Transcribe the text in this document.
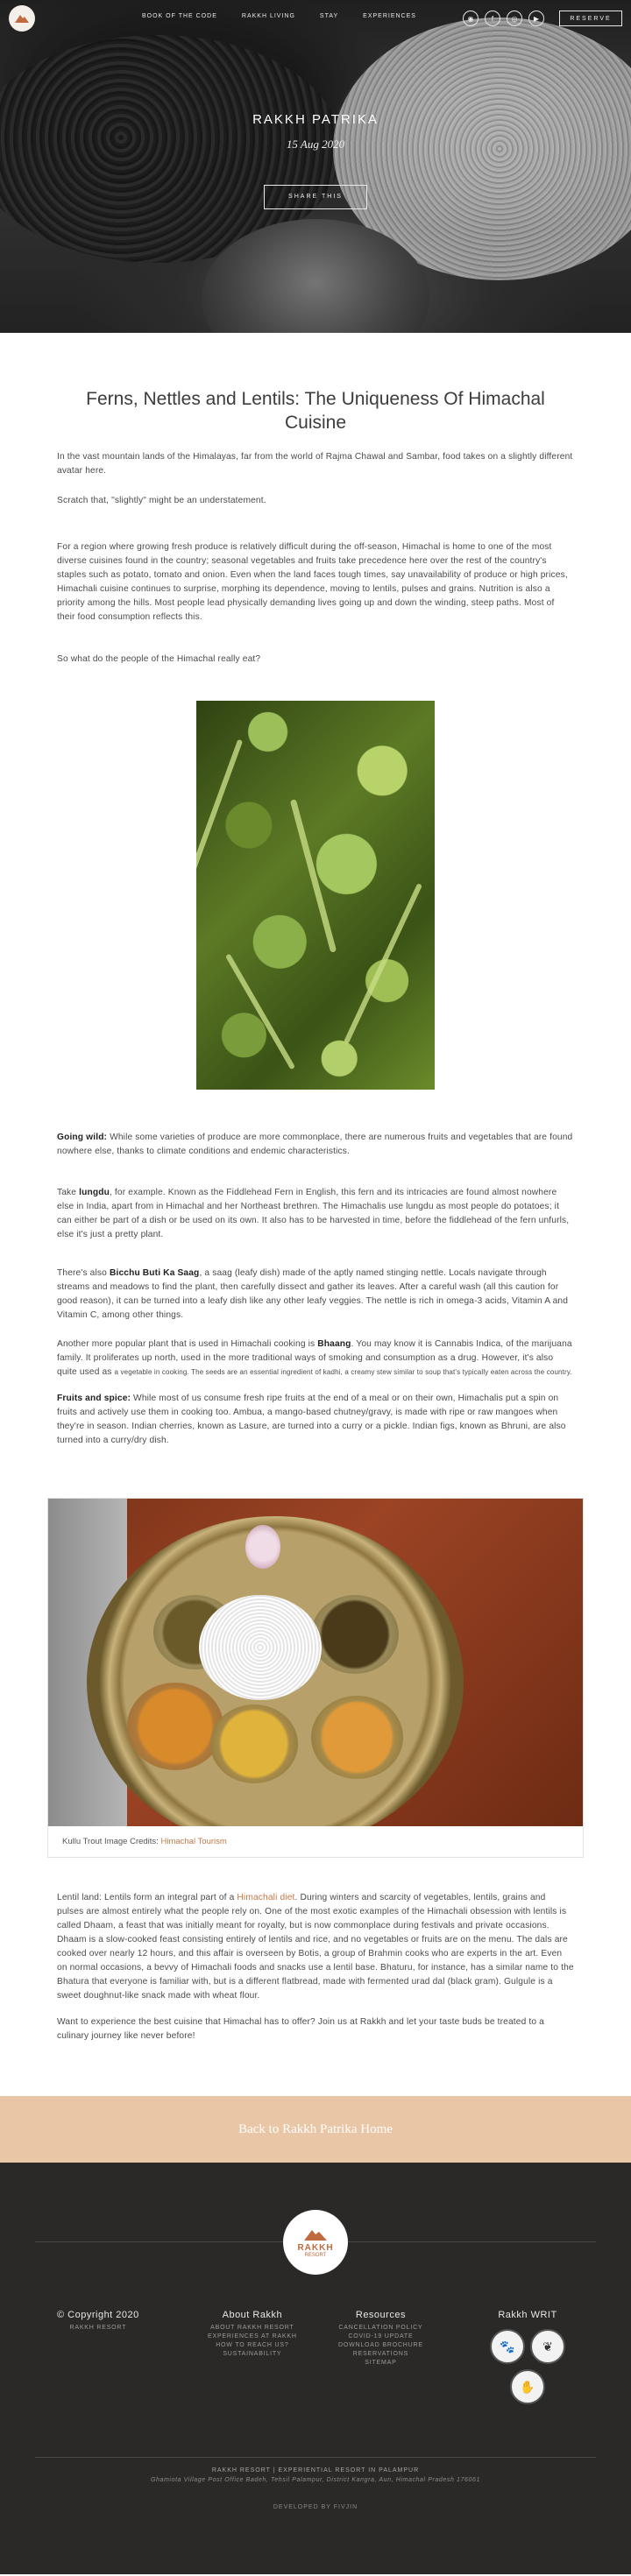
BOOK OF THE CODE	RAKKH LIVING	STAY	EXPERIENCES	◉	f	◎	▶	RESERVE
RAKKH PATRIKA
15 Aug 2020
SHARE THIS
Ferns, Nettles and Lentils: The Uniqueness Of Himachal Cuisine

In the vast mountain lands of the Himalayas, far from the world of Rajma Chawal and Sambar, food takes on a slightly different avatar here.

Scratch that, "slightly" might be an understatement.

For a region where growing fresh produce is relatively difficult during the off-season, Himachal is home to one of the most diverse cuisines found in the country; seasonal vegetables and fruits take precedence here over the rest of the country's staples such as potato, tomato and onion. Even when the land faces tough times, say unavailability of produce or high prices, Himachali cuisine continues to surprise, morphing its dependence, moving to lentils, pulses and grains. Nutrition is also a priority among the hills. Most people lead physically demanding lives going up and down the winding, steep paths. Most of their food consumption reflects this.

So what do the people of the Himachal really eat?

Going wild: While some varieties of produce are more commonplace, there are numerous fruits and vegetables that are found nowhere else, thanks to climate conditions and endemic characteristics.

Take lungdu, for example. Known as the Fiddlehead Fern in English, this fern and its intricacies are found almost nowhere else in India, apart from in Himachal and her Northeast brethren. The Himachalis use lungdu as most people do potatoes; it can either be part of a dish or be used on its own. It also has to be harvested in time, before the fiddlehead of the fern unfurls, else it's just a pretty plant.

There's also Bicchu Buti Ka Saag, a saag (leafy dish) made of the aptly named stinging nettle. Locals navigate through streams and meadows to find the plant, then carefully dissect and gather its leaves. After a careful wash (all this caution for good reason), it can be turned into a leafy dish like any other leafy veggies. The nettle is rich in omega-3 acids, Vitamin A and Vitamin C, among other things.

Another more popular plant that is used in Himachali cooking is Bhaang. You may know it is Cannabis Indica, of the marijuana family. It proliferates up north, used in the more traditional ways of smoking and consumption as a drug. However, it's also quite used as a vegetable in cooking. The seeds are an essential ingredient of kadhi, a creamy stew similar to soup that's typically eaten across the country.

Fruits and spice: While most of us consume fresh ripe fruits at the end of a meal or on their own, Himachalis put a spin on fruits and actively use them in cooking too. Ambua, a mango-based chutney/gravy, is made with ripe or raw mangoes when they're in season. Indian cherries, known as Lasure, are turned into a curry or a pickle. Indian figs, known as Bhruni, are also turned into a curry/dry dish.

Kullu Trout Image Credits: Himachal Tourism

Lentil land: Lentils form an integral part of a Himachali diet. During winters and scarcity of vegetables, lentils, grains and pulses are almost entirely what the people rely on. One of the most exotic examples of the Himachali obsession with lentils is called Dhaam, a feast that was initially meant for royalty, but is now commonplace during festivals and private occasions. Dhaam is a slow-cooked feast consisting entirely of lentils and rice, and no vegetables or fruits are on the menu. The dals are cooked over nearly 12 hours, and this affair is overseen by Botis, a group of Brahmin cooks who are experts in the art. Even on normal occasions, a bevvy of Himachali foods and snacks use a lentil base. Bhaturu, for instance, has a similar name to the Bhatura that everyone is familiar with, but is a different flatbread, made with fermented urad dal (black gram). Gulgule is a sweet doughnut-like snack made with wheat flour.

Want to experience the best cuisine that Himachal has to offer? Join us at Rakkh and let your taste buds be treated to a culinary journey like never before!

Back to Rakkh Patrika Home
RAKKH
RESORT
© Copyright 2020
RAKKH RESORT
About Rakkh
ABOUT RAKKH RESORT
EXPERIENCES AT RAKKH
HOW TO REACH US?
SUSTAINABILITY
Resources
CANCELLATION POLICY
COVID-19 UPDATE
DOWNLOAD BROCHURE
RESERVATIONS
SITEMAP
Rakkh WRIT
🐾	❦
✋
RAKKH RESORT | EXPERIENTIAL RESORT IN PALAMPUR
Ghamiota Village Post Office Badeh, Tehsil Palampur, District Kangra, Aun, Himachal Pradesh 176061
DEVELOPED BY FIVJIN
